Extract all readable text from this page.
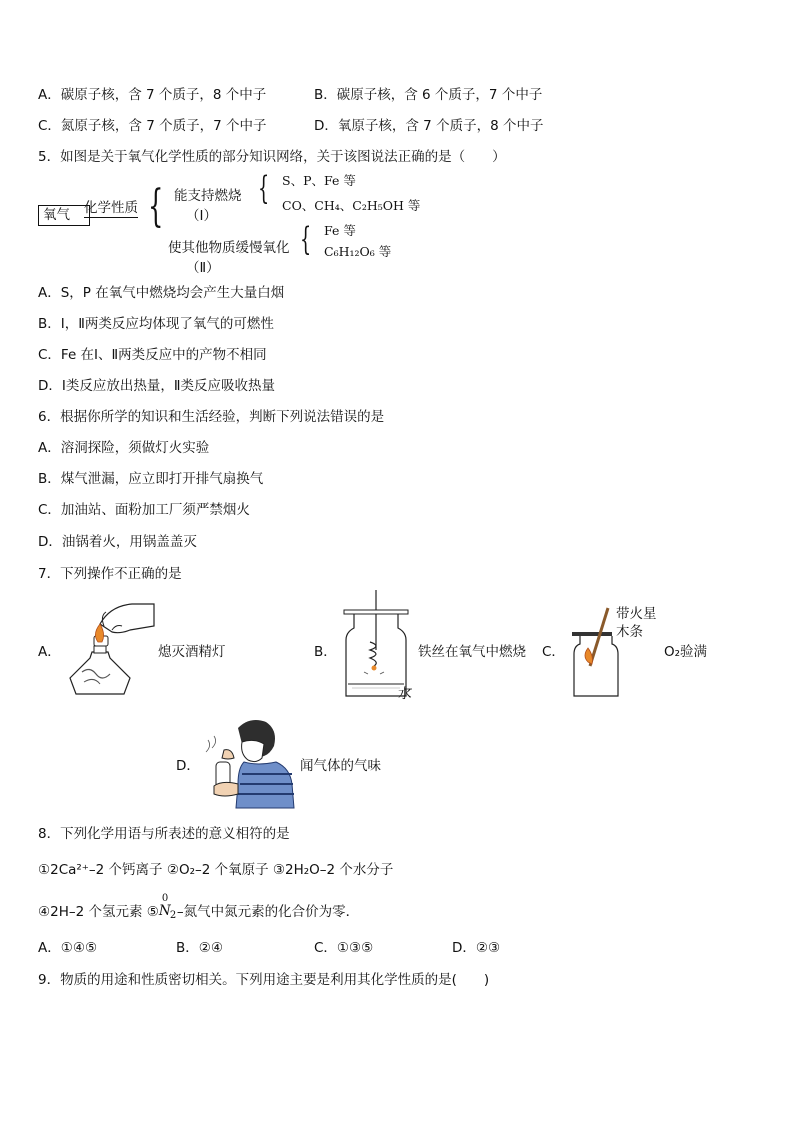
A．碳原子核，含 7 个质子，8 个中子	B．碳原子核，含 6 个质子，7 个中子
C．氮原子核，含 7 个质子，7 个中子	D．氧原子核，含 7 个质子，8 个中子
5．如图是关于氧气化学性质的部分知识网络，关于该图说法正确的是（　　）
氧气	化学性质 { 能支持燃烧
（Ⅰ）
{ S、P、Fe 等
CO、CH₄、C₂H₅OH 等
使其他物质缓慢氧化
（Ⅱ）
{ Fe 等
C₆H₁₂O₆ 等
A．S，P 在氧气中燃烧均会产生大量白烟
B．Ⅰ，Ⅱ两类反应均体现了氧气的可燃性
C．Fe 在Ⅰ、Ⅱ两类反应中的产物不相同
D．Ⅰ类反应放出热量，Ⅱ类反应吸收热量
6．根据你所学的知识和生活经验，判断下列说法错误的是
A．溶洞探险，须做灯火实验
B．煤气泄漏，应立即打开排气扇换气
C．加油站、面粉加工厂须严禁烟火
D．油锅着火，用锅盖盖灭
7．下列操作不正确的是
A．	熄灭酒精灯	B．
水
铁丝在氧气中燃烧 C．
带火星
木条
O₂验满
D．	闻气体的气味
8．下列化学用语与所表述的意义相符的是
①2Ca²⁺–2 个钙离子 ②O₂–2 个氧原子 ③2H₂O–2 个水分子
④2H–2 个氢元素 ⑤
0
N 2 –氮气中氮元素的化合价为零．
A．①④⑤	B．②④	C．①③⑤	D．②③
9．物质的用途和性质密切相关。下列用途主要是利用其化学性质的是(　　)
